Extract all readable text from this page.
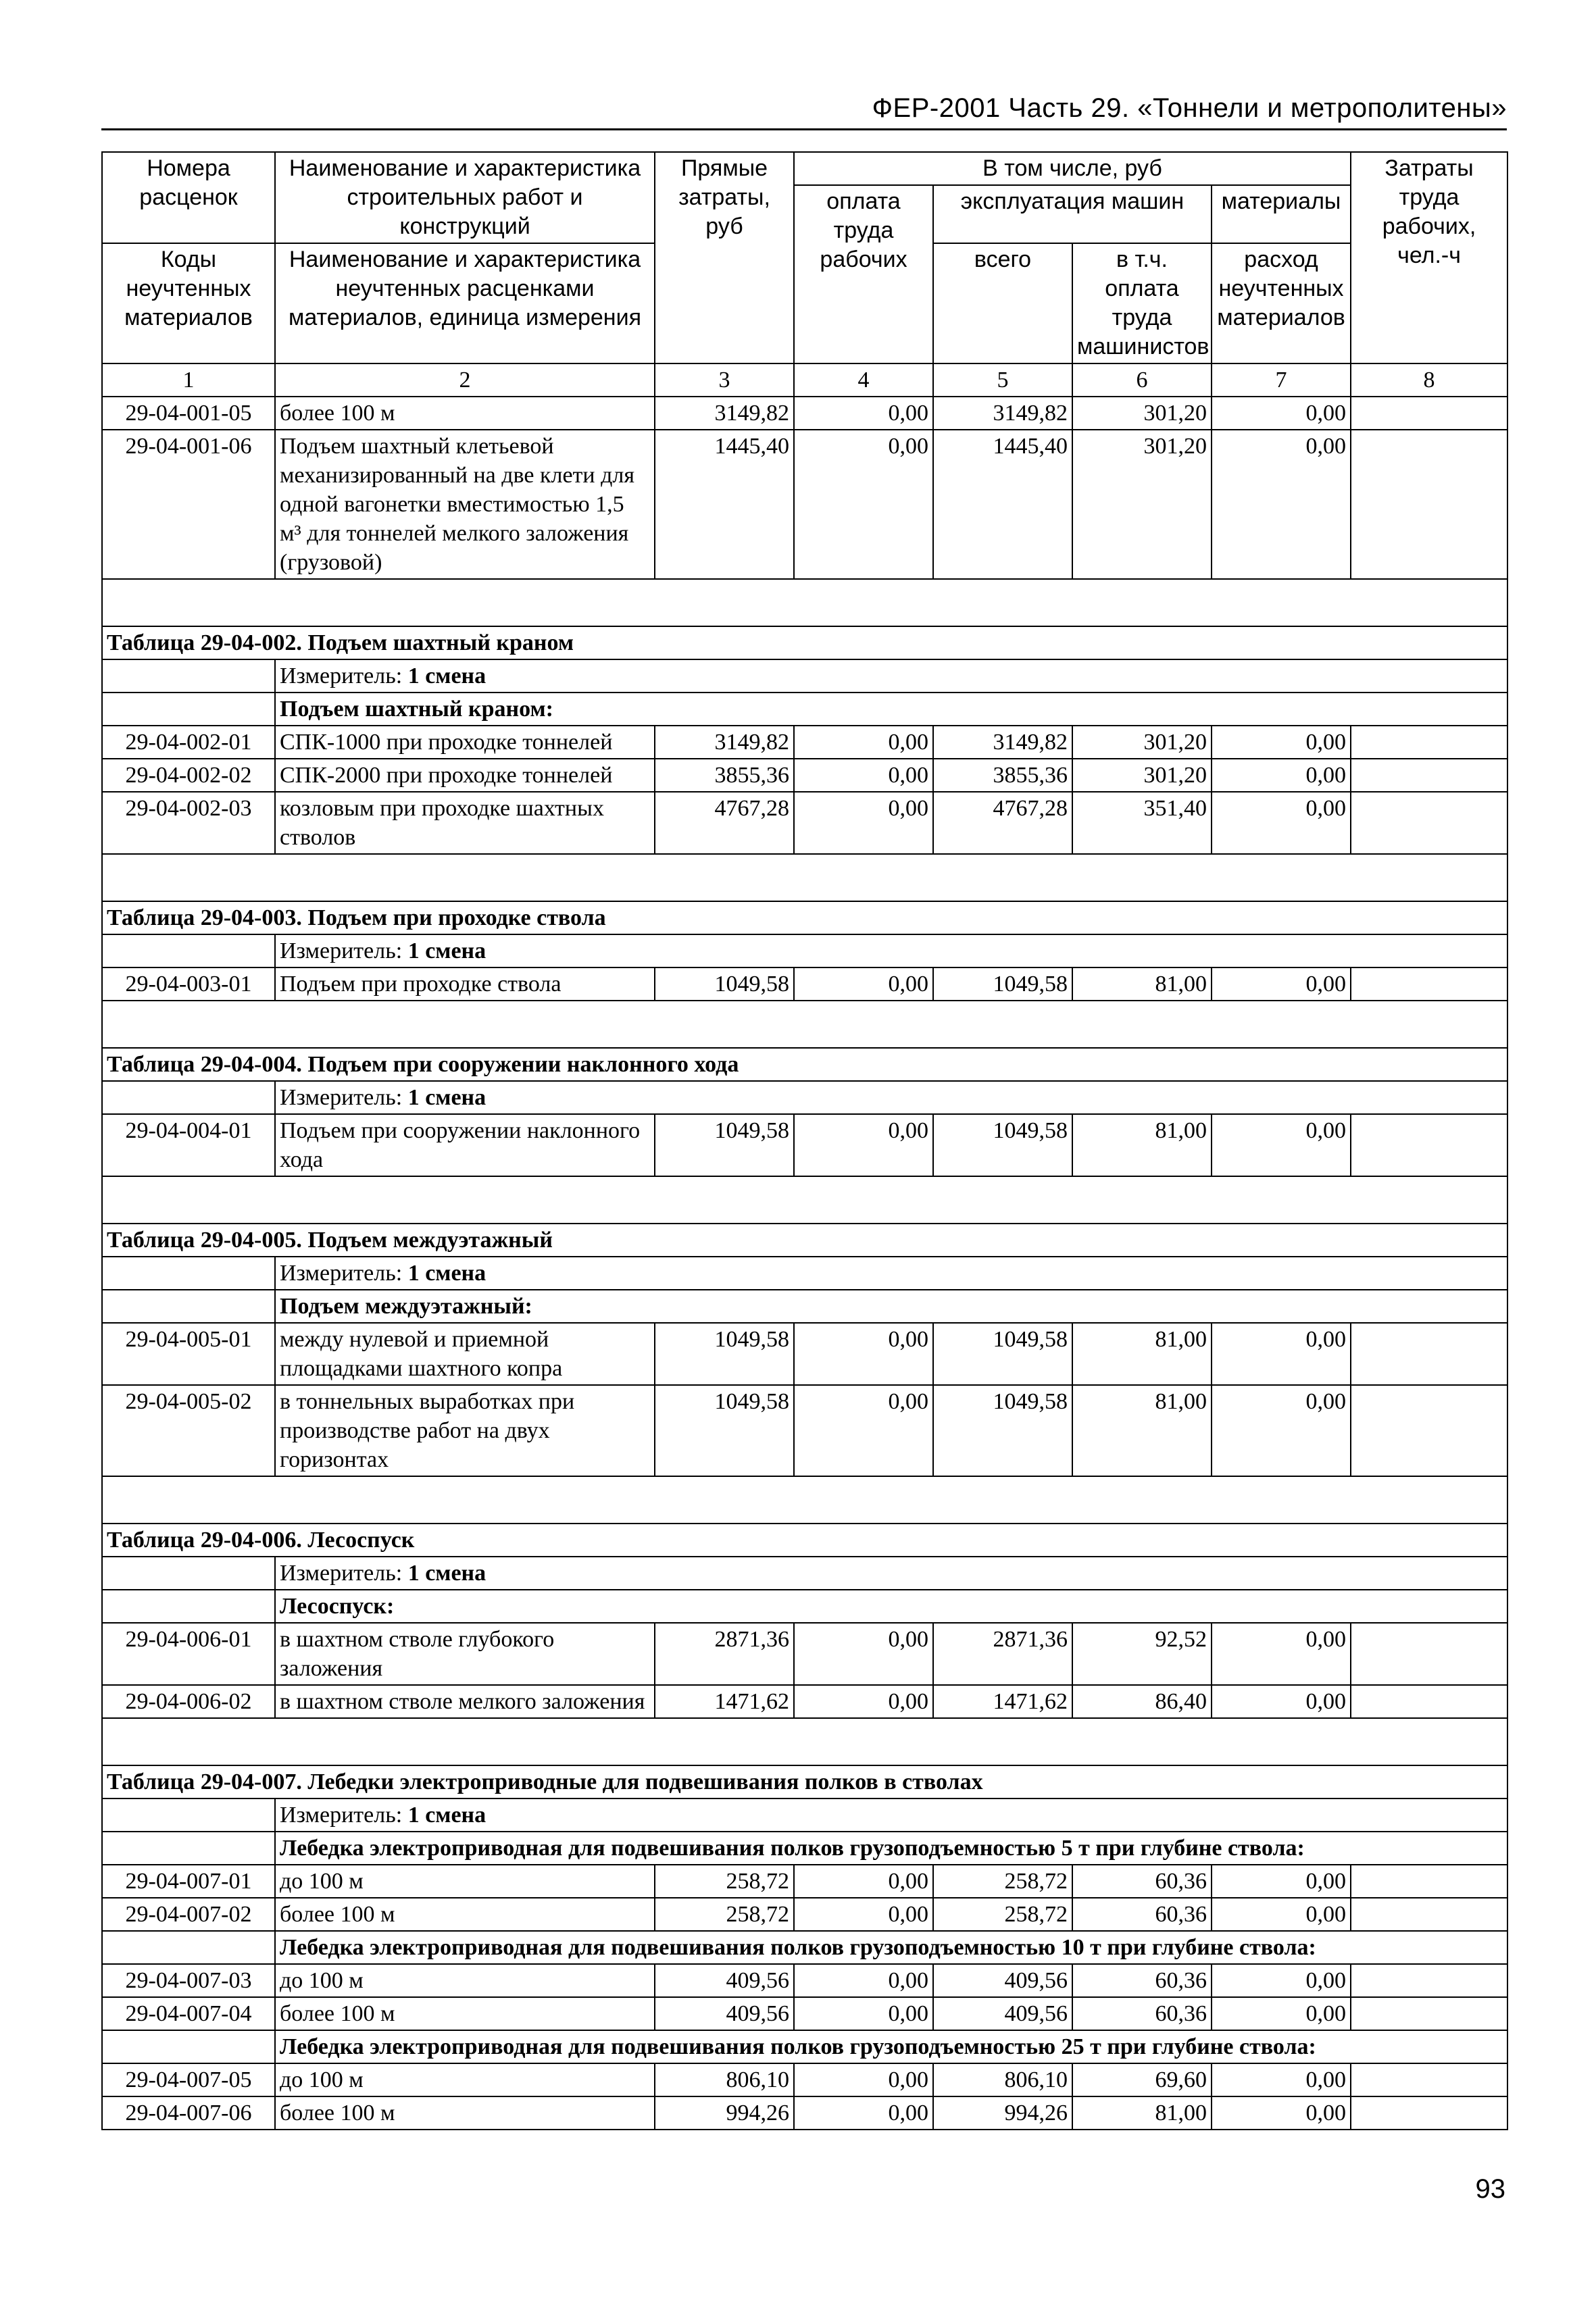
ФЕР-2001 Часть 29. «Тоннели и метрополитены»
Номера расценок	Наименование и характеристика строительных работ и конструкций	Прямые затраты, руб	В том числе, руб				Затраты труда рабочих, чел.-ч
			оплата труда рабочих	эксплуатация машин		материалы	
Коды неучтенных материалов	Наименование и характеристика неучтенных расценками материалов, единица измерения			всего	в т.ч. оплата труда машинистов	расход неучтенных материалов	

1	2	3	4	5	6	7	8
29-04-001-05	более 100 м	3149,82	0,00	3149,82	301,20	0,00	
29-04-001-06	Подъем шахтный клетьевой механизированный на две клети для одной вагонетки вместимостью 1,5 м³ для тоннелей мелкого заложения (грузовой)	1445,40	0,00	1445,40	301,20	0,00	

Таблица 29-04-002. Подъем шахтный краном							
	Измеритель: 1 смена						
	Подъем шахтный краном:						
29-04-002-01	СПК-1000 при проходке тоннелей	3149,82	0,00	3149,82	301,20	0,00	
29-04-002-02	СПК-2000 при проходке тоннелей	3855,36	0,00	3855,36	301,20	0,00	
29-04-002-03	козловым при проходке шахтных стволов	4767,28	0,00	4767,28	351,40	0,00	

Таблица 29-04-003. Подъем при проходке ствола							
	Измеритель: 1 смена						
29-04-003-01	Подъем при проходке ствола	1049,58	0,00	1049,58	81,00	0,00	

Таблица 29-04-004. Подъем при сооружении наклонного хода							
	Измеритель: 1 смена						
29-04-004-01	Подъем при сооружении наклонного хода	1049,58	0,00	1049,58	81,00	0,00	

Таблица 29-04-005. Подъем междуэтажный							
	Измеритель: 1 смена						
	Подъем междуэтажный:						
29-04-005-01	между нулевой и приемной площадками шахтного копра	1049,58	0,00	1049,58	81,00	0,00	
29-04-005-02	в тоннельных выработках при производстве работ на двух горизонтах	1049,58	0,00	1049,58	81,00	0,00	

Таблица 29-04-006. Лесоспуск							
	Измеритель: 1 смена						
	Лесоспуск:						
29-04-006-01	в шахтном стволе глубокого заложения	2871,36	0,00	2871,36	92,52	0,00	
29-04-006-02	в шахтном стволе мелкого заложения	1471,62	0,00	1471,62	86,40	0,00	

Таблица 29-04-007. Лебедки электроприводные для подвешивания полков в стволах							
	Измеритель: 1 смена						
	Лебедка электроприводная для подвешивания полков грузоподъемностью 5 т при глубине ствола:						
29-04-007-01	до 100 м	258,72	0,00	258,72	60,36	0,00	
29-04-007-02	более 100 м	258,72	0,00	258,72	60,36	0,00	
	Лебедка электроприводная для подвешивания полков грузоподъемностью 10 т при глубине ствола:						
29-04-007-03	до 100 м	409,56	0,00	409,56	60,36	0,00	
29-04-007-04	более 100 м	409,56	0,00	409,56	60,36	0,00	
	Лебедка электроприводная для подвешивания полков грузоподъемностью 25 т при глубине ствола:						
29-04-007-05	до 100 м	806,10	0,00	806,10	69,60	0,00	
29-04-007-06	более 100 м	994,26	0,00	994,26	81,00	0,00	
93
